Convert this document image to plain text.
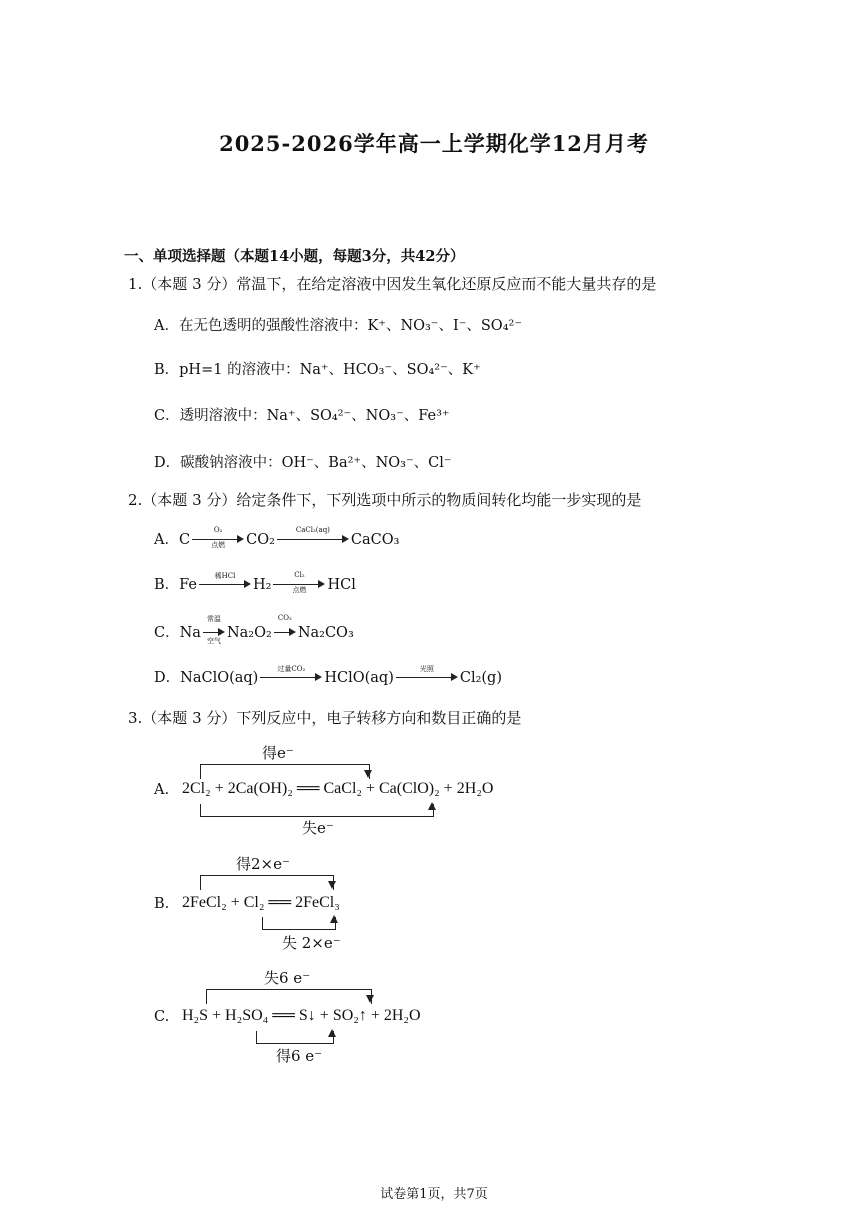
2025-2026学年高一上学期化学12月月考
一、单项选择题（本题14小题，每题3分，共42分）
1.（本题 3 分）常温下，在给定溶液中因发生氧化还原反应而不能大量共存的是
A．在无色透明的强酸性溶液中：K⁺、NO₃⁻、I⁻、SO₄²⁻
B．pH=1 的溶液中：Na⁺、HCO₃⁻、SO₄²⁻、K⁺
C．透明溶液中：Na⁺、SO₄²⁻、NO₃⁻、Fe³⁺
D．碳酸钠溶液中：OH⁻、Ba²⁺、NO₃⁻、Cl⁻
2.（本题 3 分）给定条件下，下列选项中所示的物质间转化均能一步实现的是
A．C
O₂
点燃	CO₂
CaCl₂(aq)
CaCO₃
B．Fe
稀HCl
H₂
Cl₂
点燃	HCl
C．Na
常温
空气 Na₂O₂
CO₂
Na₂CO₃
D．NaClO(aq)
过量CO₂
HClO(aq)
光照
Cl₂(g)
3.（本题 3 分）下列反应中，电子转移方向和数目正确的是
A. 2Cl₂ + 2Ca(OH)₂ ══ CaCl₂ + Ca(ClO)₂ + 2H₂O
得e⁻
失e⁻
B. 2FeCl₂ + Cl₂ ══ 2FeCl₃
得2×e⁻
失 2×e⁻
C. H₂S + H₂SO₄ ══ S↓ + SO₂↑ + 2H₂O
失6 e⁻
得6 e⁻
试卷第1页，共7页
